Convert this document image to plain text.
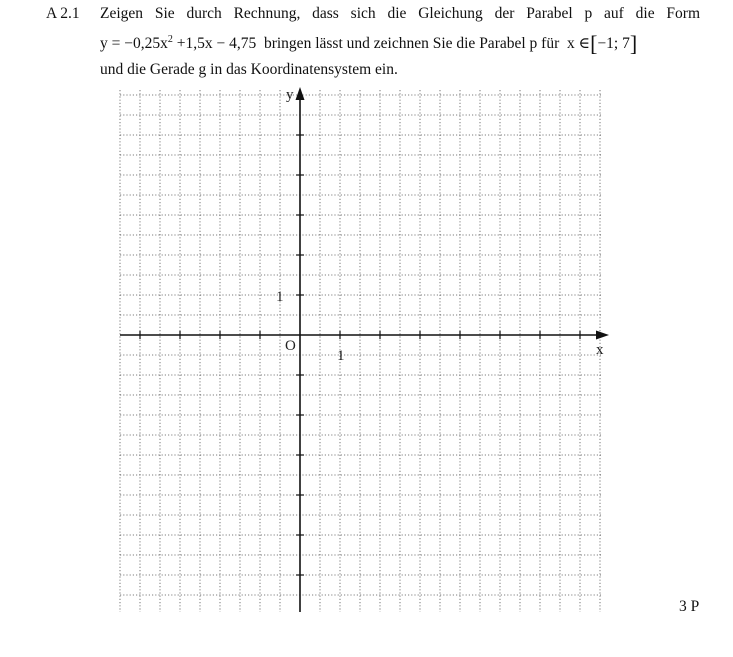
A 2.1 Zeigen Sie durch Rechnung, dass sich die Gleichung der Parabel p auf die Form
$y = -0,25x^2 +1,5x - 4,75$ bringen lässt und zeichnen Sie die Parabel p für x ∈[−1; 7]
und die Gerade g in das Koordinatensystem ein.
x
y
O
1
1
3 P
